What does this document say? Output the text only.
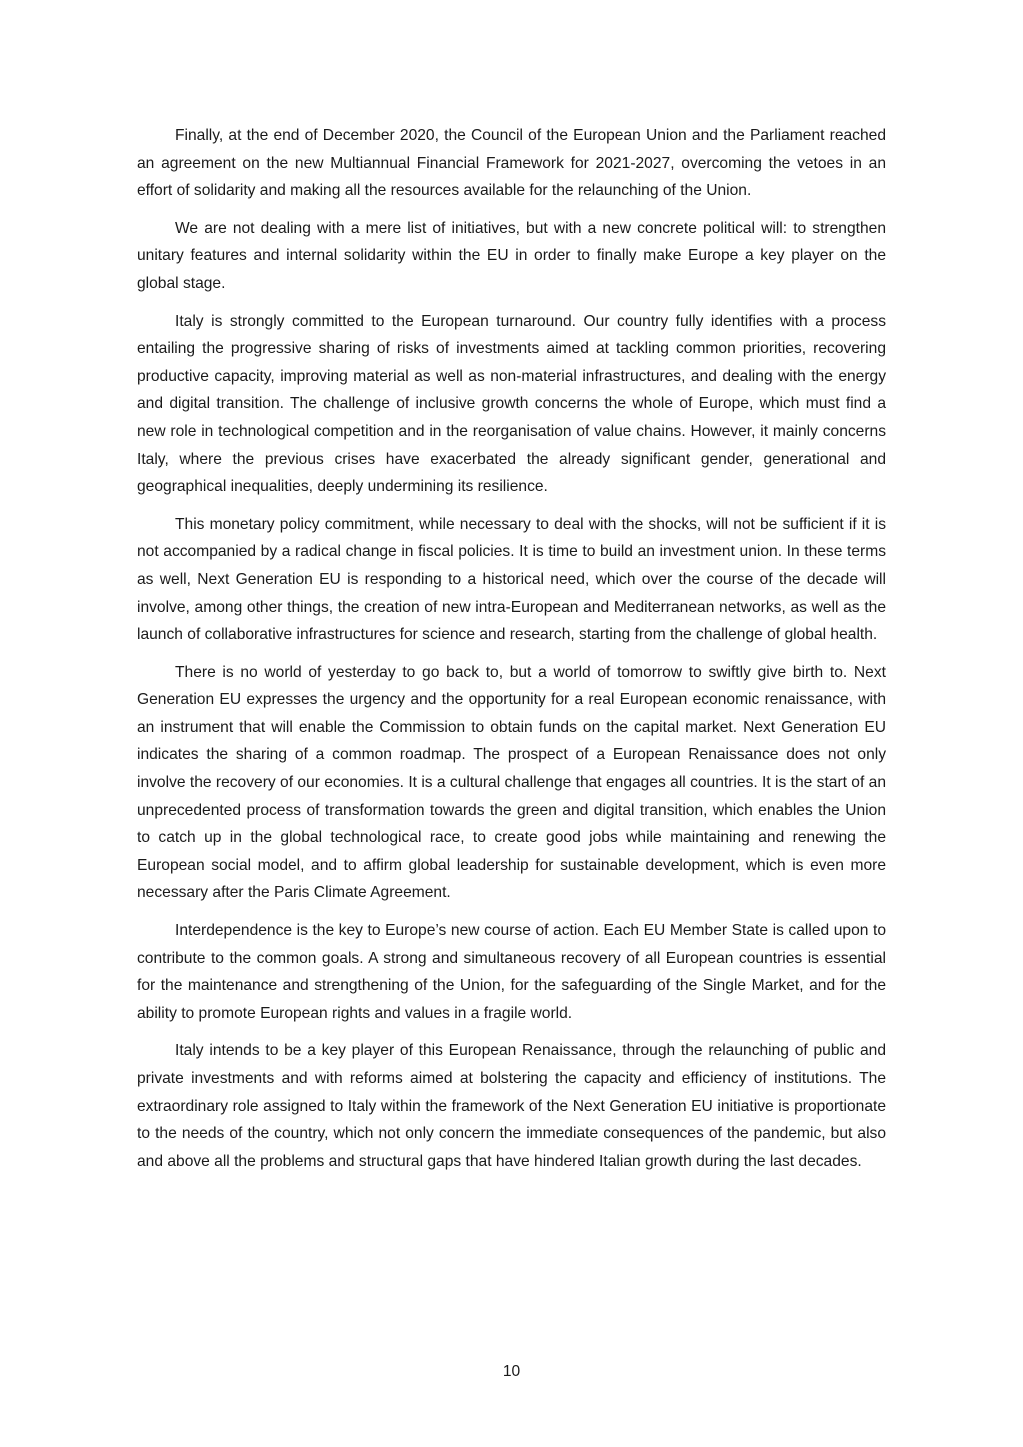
Finally, at the end of December 2020, the Council of the European Union and the Parliament reached an agreement on the new Multiannual Financial Framework for 2021-2027, overcoming the vetoes in an effort of solidarity and making all the resources available for the relaunching of the Union.

We are not dealing with a mere list of initiatives, but with a new concrete political will: to strengthen unitary features and internal solidarity within the EU in order to finally make Europe a key player on the global stage.

Italy is strongly committed to the European turnaround. Our country fully identifies with a process entailing the progressive sharing of risks of investments aimed at tackling common priorities, recovering productive capacity, improving material as well as non-material infrastructures, and dealing with the energy and digital transition. The challenge of inclusive growth concerns the whole of Europe, which must find a new role in technological competition and in the reorganisation of value chains. However, it mainly concerns Italy, where the previous crises have exacerbated the already significant gender, generational and geographical inequalities, deeply undermining its resilience.

This monetary policy commitment, while necessary to deal with the shocks, will not be sufficient if it is not accompanied by a radical change in fiscal policies. It is time to build an investment union. In these terms as well, Next Generation EU is responding to a historical need, which over the course of the decade will involve, among other things, the creation of new intra-European and Mediterranean networks, as well as the launch of collaborative infrastructures for science and research, starting from the challenge of global health.

There is no world of yesterday to go back to, but a world of tomorrow to swiftly give birth to. Next Generation EU expresses the urgency and the opportunity for a real European economic renaissance, with an instrument that will enable the Commission to obtain funds on the capital market. Next Generation EU indicates the sharing of a common roadmap. The prospect of a European Renaissance does not only involve the recovery of our economies. It is a cultural challenge that engages all countries. It is the start of an unprecedented process of transformation towards the green and digital transition, which enables the Union to catch up in the global technological race, to create good jobs while maintaining and renewing the European social model, and to affirm global leadership for sustainable development, which is even more necessary after the Paris Climate Agreement.

Interdependence is the key to Europe’s new course of action. Each EU Member State is called upon to contribute to the common goals. A strong and simultaneous recovery of all European countries is essential for the maintenance and strengthening of the Union, for the safeguarding of the Single Market, and for the ability to promote European rights and values in a fragile world.

Italy intends to be a key player of this European Renaissance, through the relaunching of public and private investments and with reforms aimed at bolstering the capacity and efficiency of institutions. The extraordinary role assigned to Italy within the framework of the Next Generation EU initiative is proportionate to the needs of the country, which not only concern the immediate consequences of the pandemic, but also and above all the problems and structural gaps that have hindered Italian growth during the last decades.

10
